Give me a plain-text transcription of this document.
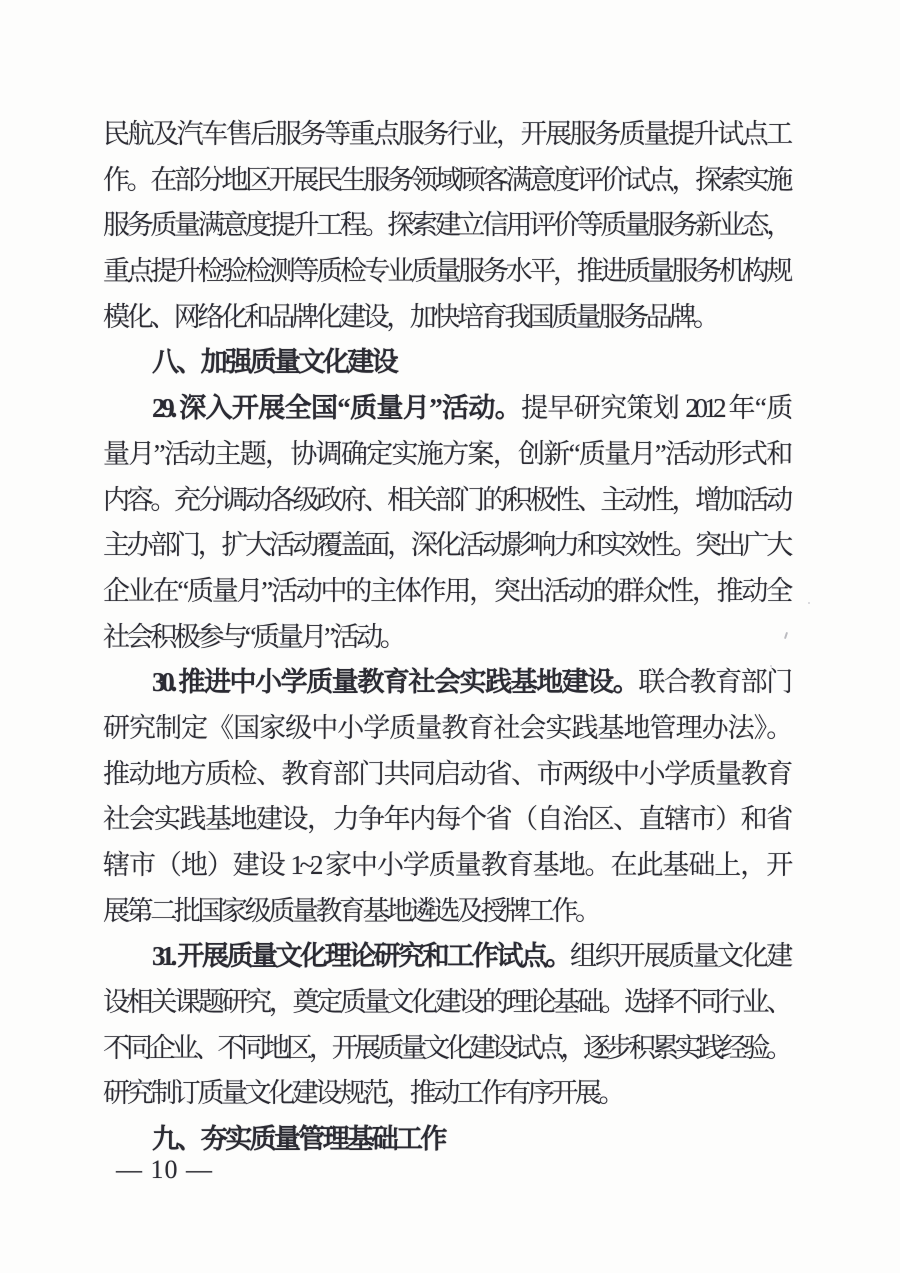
民航及汽车售后服务等重点服务行业，开展服务质量提升试点工
作。在部分地区开展民生服务领域顾客满意度评价试点，探索实施
服务质量满意度提升工程。探索建立信用评价等质量服务新业态，
重点提升检验检测等质检专业质量服务水平，推进质量服务机构规
模化、网络化和品牌化建设，加快培育我国质量服务品牌。
八、加强质量文化建设
29. 深入开展全国“质量月”活动。提早研究策划 2012 年“质
量月”活动主题，协调确定实施方案，创新“质量月”活动形式和
内容。充分调动各级政府、相关部门的积极性、主动性，增加活动
主办部门，扩大活动覆盖面，深化活动影响力和实效性。突出广大
企业在“质量月”活动中的主体作用，突出活动的群众性，推动全
社会积极参与“质量月”活动。
30. 推进中小学质量教育社会实践基地建设。联合教育部门
研究制定《国家级中小学质量教育社会实践基地管理办法》。
推动地方质检、教育部门共同启动省、市两级中小学质量教育
社会实践基地建设，力争年内每个省（自治区、直辖市）和省
辖市（地）建设 1~2 家中小学质量教育基地。在此基础上，开
展第二批国家级质量教育基地遴选及授牌工作。
31. 开展质量文化理论研究和工作试点。组织开展质量文化建
设相关课题研究，奠定质量文化建设的理论基础。选择不同行业、
不同企业、不同地区，开展质量文化建设试点，逐步积累实践经验。
研究制订质量文化建设规范，推动工作有序开展。
九、夯实质量管理基础工作
— 10 —
